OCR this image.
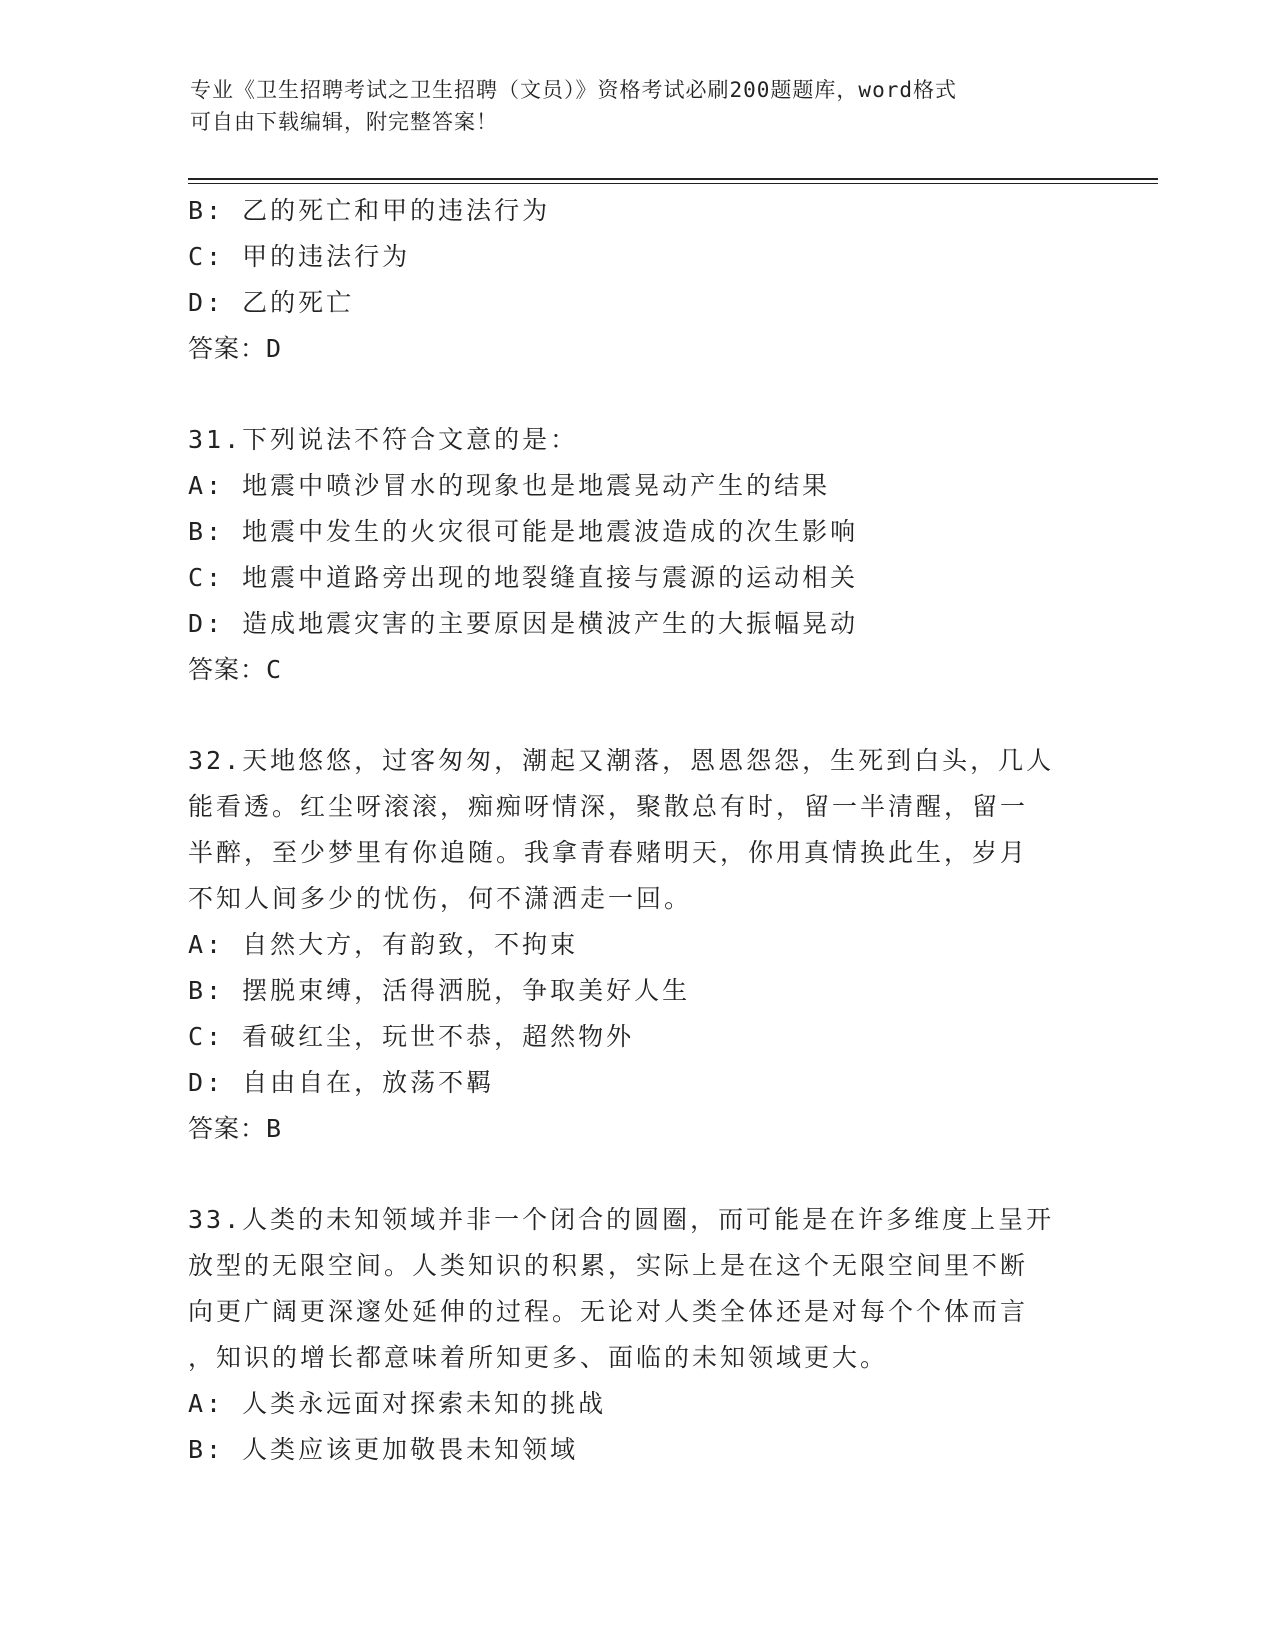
专业《卫生招聘考试之卫生招聘（文员）》资格考试必刷200题题库，word格式
可自由下载编辑，附完整答案！
B: 乙的死亡和甲的违法行为
C: 甲的违法行为
D: 乙的死亡
答案：D
31.下列说法不符合文意的是：
A: 地震中喷沙冒水的现象也是地震晃动产生的结果
B: 地震中发生的火灾很可能是地震波造成的次生影响
C: 地震中道路旁出现的地裂缝直接与震源的运动相关
D: 造成地震灾害的主要原因是横波产生的大振幅晃动
答案：C
32.天地悠悠，过客匆匆，潮起又潮落，恩恩怨怨，生死到白头，几人
能看透。红尘呀滚滚，痴痴呀情深，聚散总有时，留一半清醒，留一
半醉，至少梦里有你追随。我拿青春赌明天，你用真情换此生，岁月
不知人间多少的忧伤，何不潇洒走一回。
A: 自然大方，有韵致，不拘束
B: 摆脱束缚，活得洒脱，争取美好人生
C: 看破红尘，玩世不恭，超然物外
D: 自由自在，放荡不羁
答案：B
33.人类的未知领域并非一个闭合的圆圈，而可能是在许多维度上呈开
放型的无限空间。人类知识的积累，实际上是在这个无限空间里不断
向更广阔更深邃处延伸的过程。无论对人类全体还是对每个个体而言
，知识的增长都意味着所知更多、面临的未知领域更大。
A: 人类永远面对探索未知的挑战
B: 人类应该更加敬畏未知领域
